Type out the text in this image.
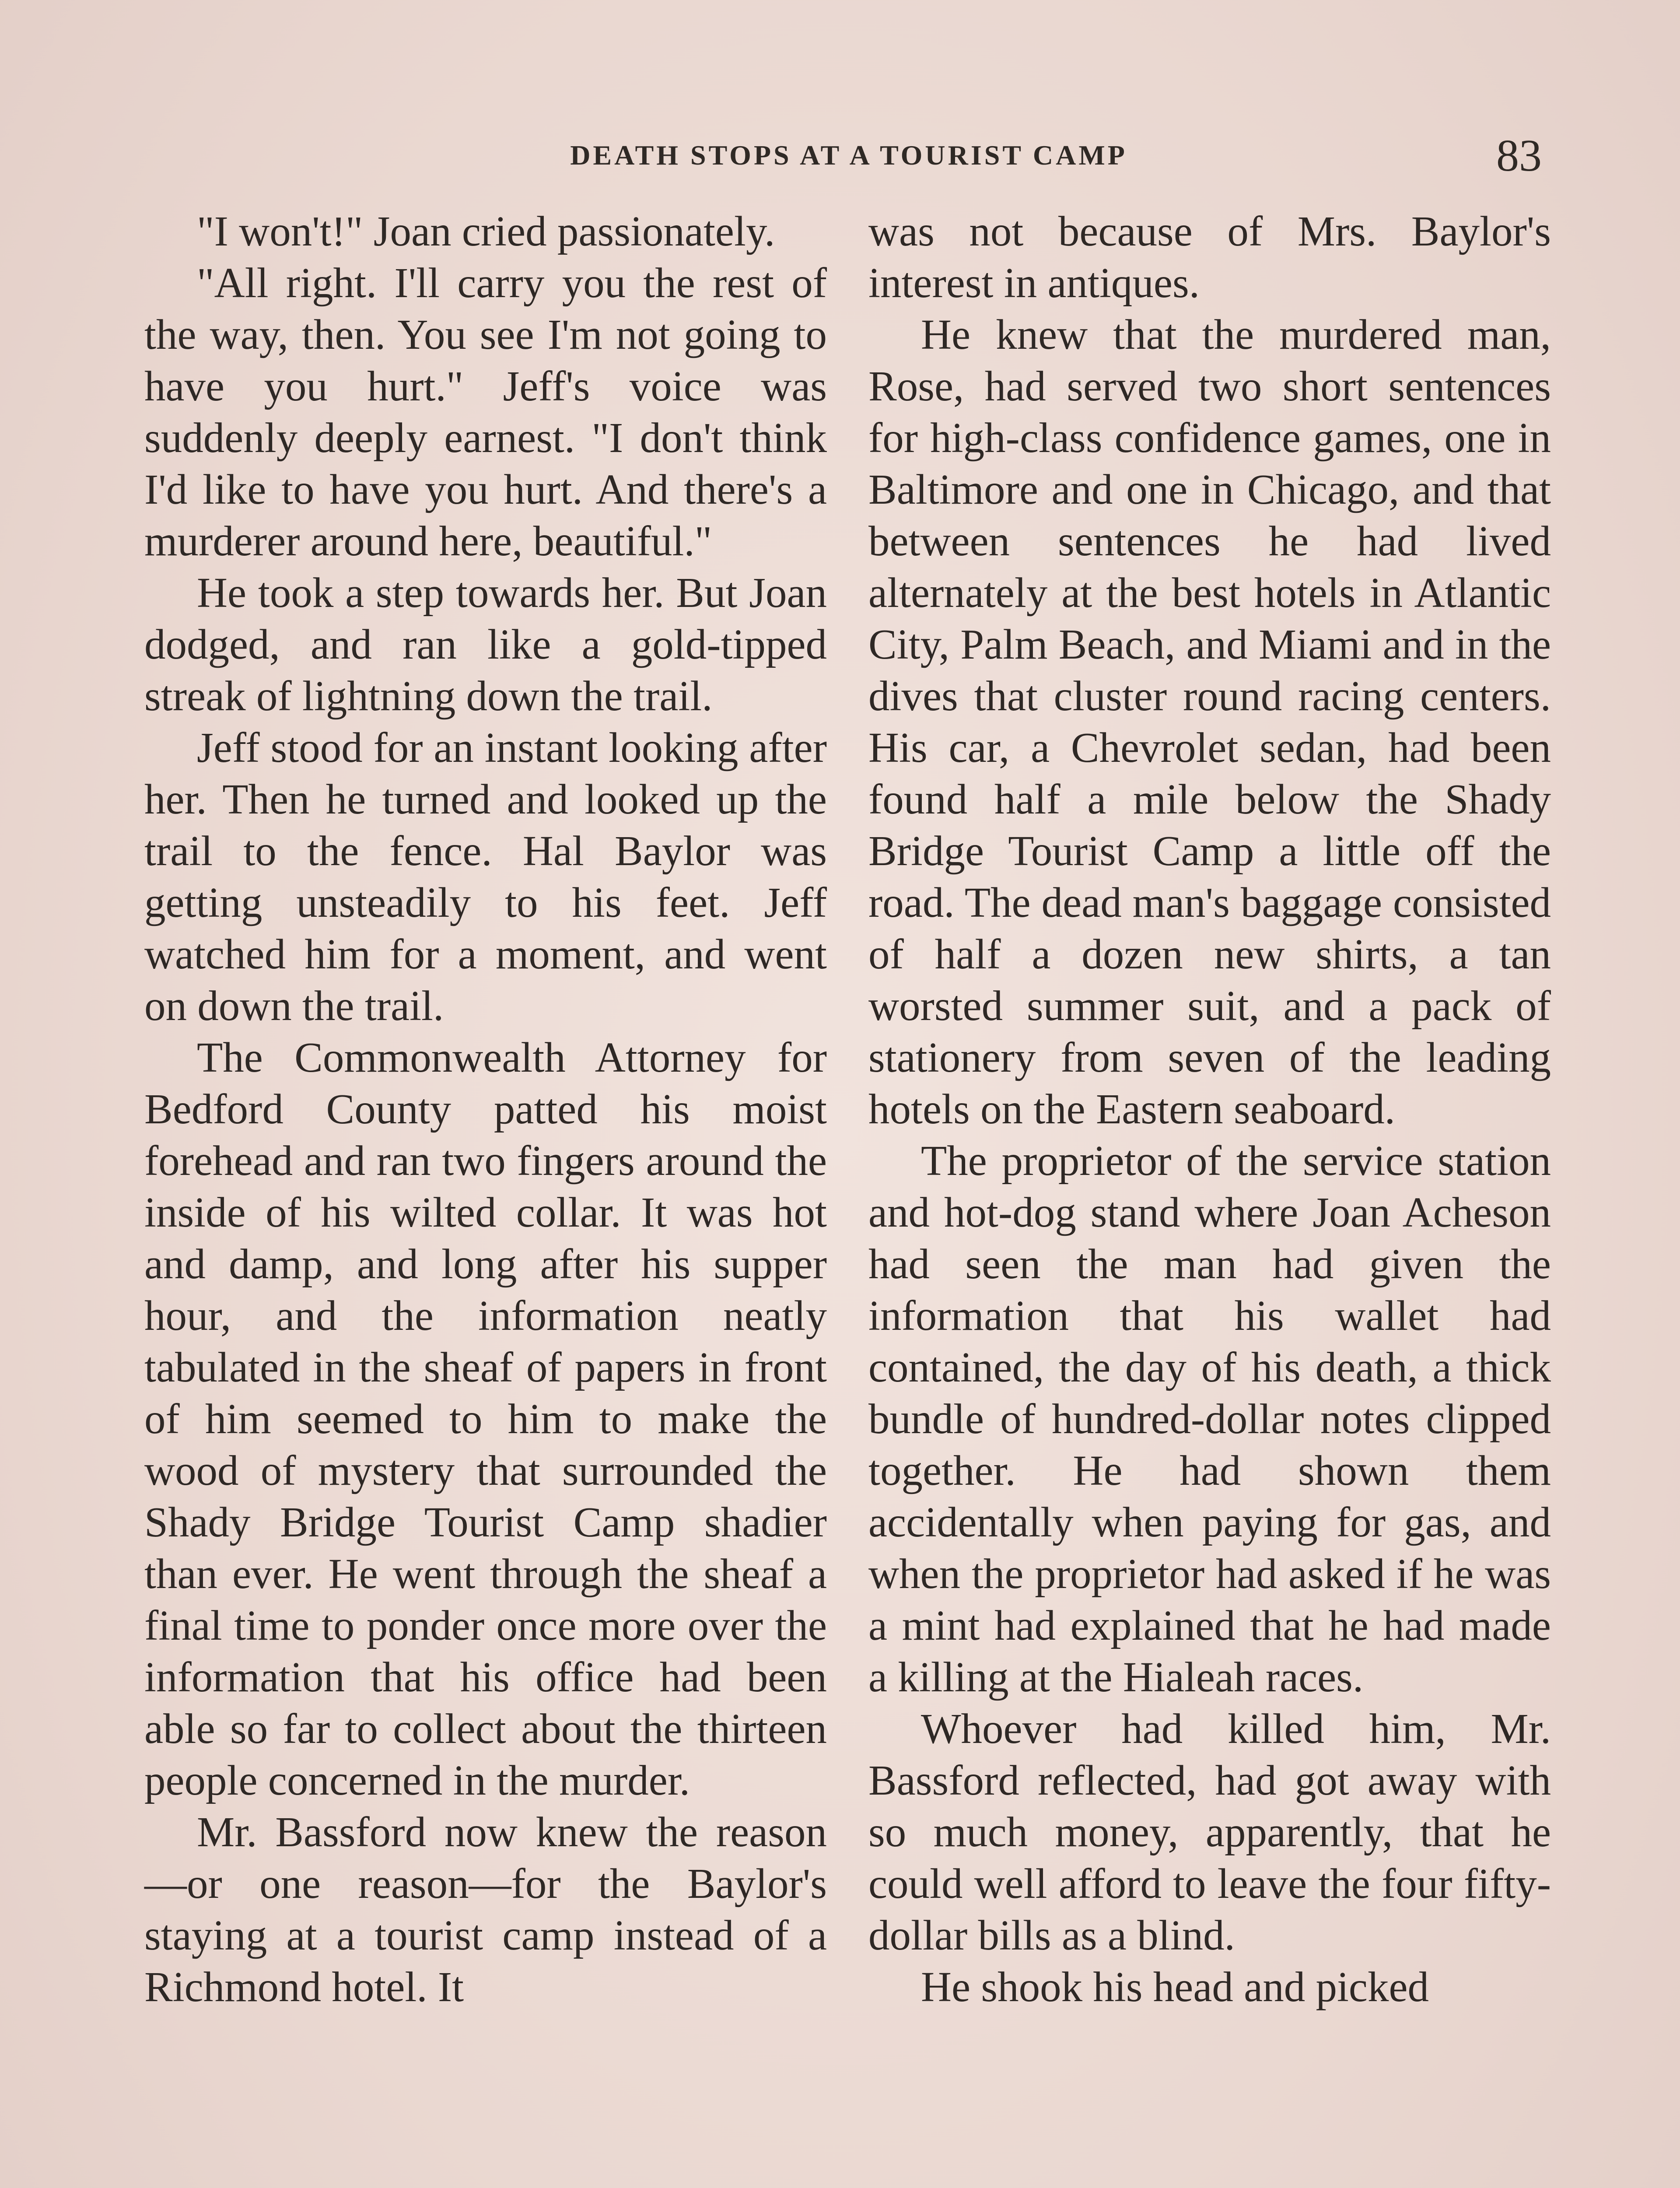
DEATH STOPS AT A TOURIST CAMP	83

"I won't!" Joan cried passionately.

"All right. I'll carry you the rest of the way, then. You see I'm not going to have you hurt." Jeff's voice was suddenly deeply earnest. "I don't think I'd like to have you hurt. And there's a murderer around here, beautiful."

He took a step towards her. But Joan dodged, and ran like a gold-tipped streak of lightning down the trail.

Jeff stood for an instant looking after her. Then he turned and looked up the trail to the fence. Hal Baylor was getting unsteadily to his feet. Jeff watched him for a moment, and went on down the trail.

The Commonwealth Attorney for Bedford County patted his moist forehead and ran two fingers around the inside of his wilted collar. It was hot and damp, and long after his supper hour, and the information neatly tabulated in the sheaf of papers in front of him seemed to him to make the wood of mystery that surrounded the Shady Bridge Tourist Camp shadier than ever. He went through the sheaf a final time to ponder once more over the information that his office had been able so far to collect about the thirteen people concerned in the murder.

Mr. Bassford now knew the reason—or one reason—for the Baylor's staying at a tourist camp instead of a Richmond hotel. It

was not because of Mrs. Baylor's interest in antiques.

He knew that the murdered man, Rose, had served two short sentences for high-class confidence games, one in Baltimore and one in Chicago, and that between sentences he had lived alternately at the best hotels in Atlantic City, Palm Beach, and Miami and in the dives that cluster round racing centers. His car, a Chevrolet sedan, had been found half a mile below the Shady Bridge Tourist Camp a little off the road. The dead man's baggage consisted of half a dozen new shirts, a tan worsted summer suit, and a pack of stationery from seven of the leading hotels on the Eastern seaboard.

The proprietor of the service station and hot-dog stand where Joan Acheson had seen the man had given the information that his wallet had contained, the day of his death, a thick bundle of hundred-dollar notes clipped together. He had shown them accidentally when paying for gas, and when the proprietor had asked if he was a mint had explained that he had made a killing at the Hialeah races.

Whoever had killed him, Mr. Bassford reflected, had got away with so much money, apparently, that he could well afford to leave the four fifty-dollar bills as a blind.

He shook his head and picked
